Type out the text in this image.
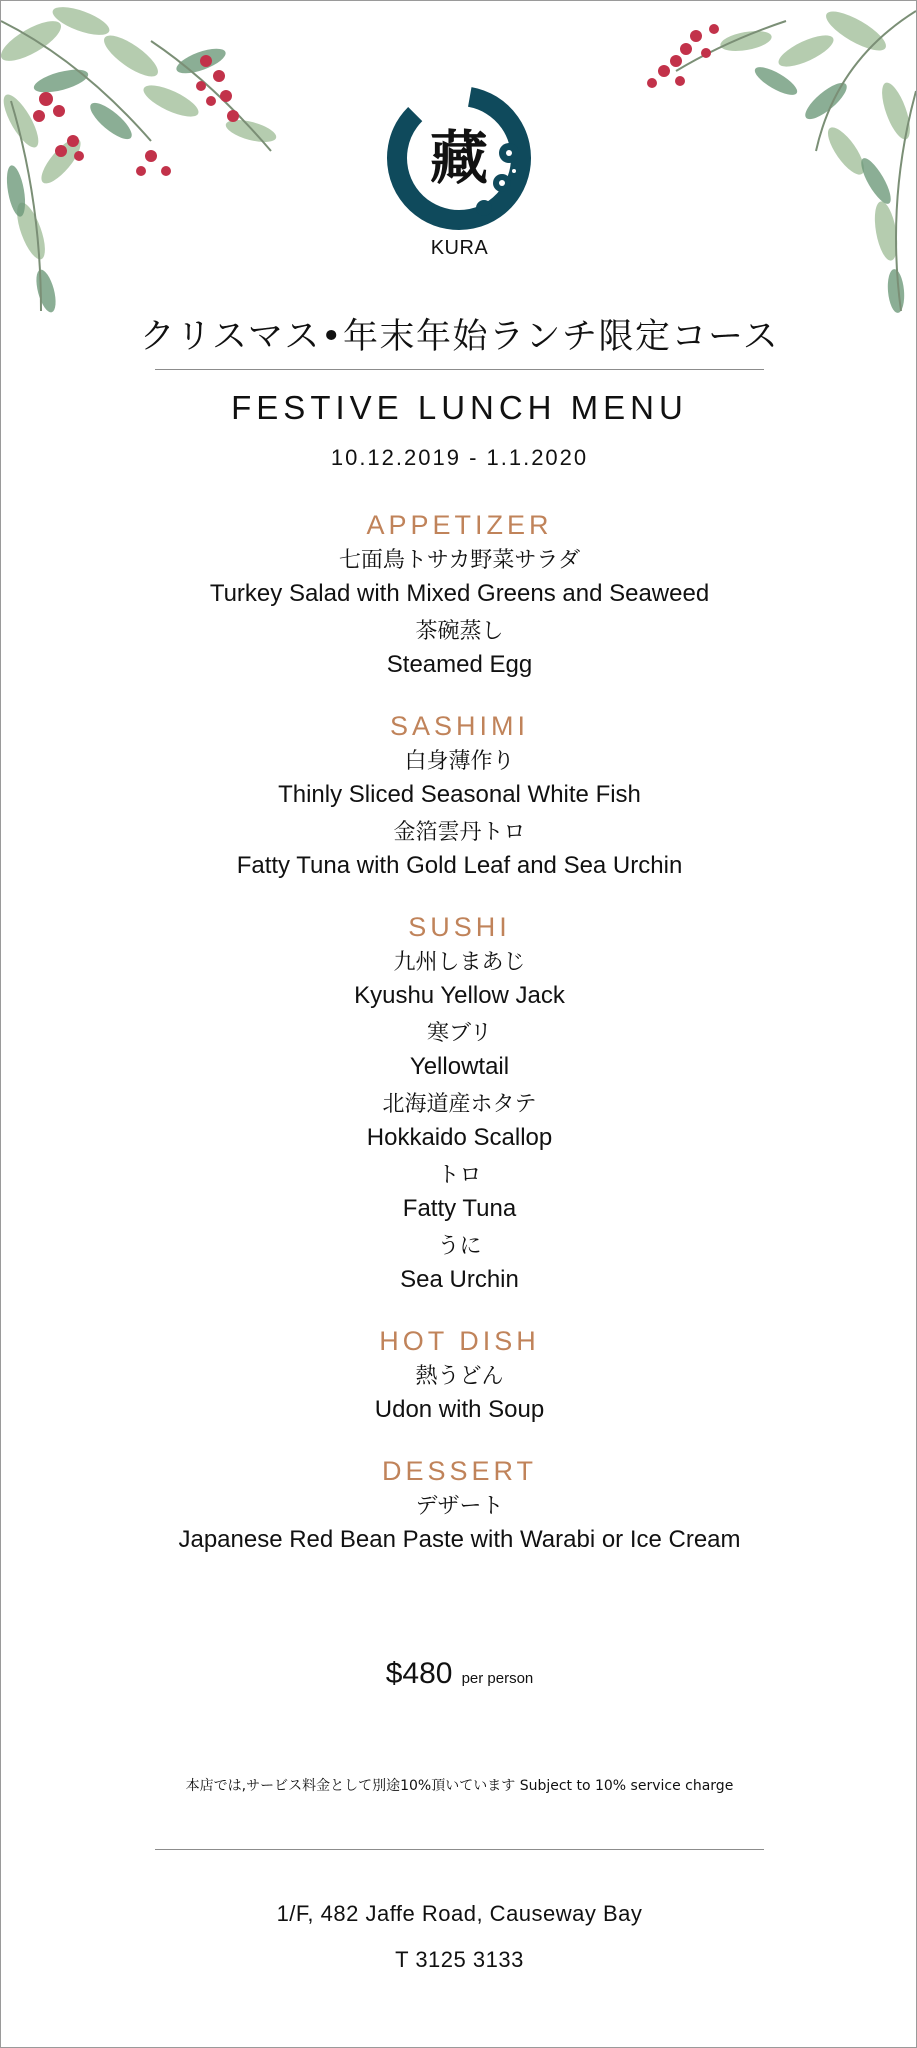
藏
KURA
クリスマス•年末年始ランチ限定コース
FESTIVE LUNCH MENU
10.12.2019 - 1.1.2020
APPETIZER
七面鳥トサカ野菜サラダ
Turkey Salad with Mixed Greens and Seaweed
茶碗蒸し
Steamed Egg
SASHIMI
白身薄作り
Thinly Sliced Seasonal White Fish
金箔雲丹トロ
Fatty Tuna with Gold Leaf and Sea Urchin
SUSHI
九州しまあじ
Kyushu Yellow Jack
寒ブリ
Yellowtail
北海道産ホタテ
Hokkaido Scallop
トロ
Fatty Tuna
うに
Sea Urchin
HOT DISH
熱うどん
Udon with Soup
DESSERT
デザート
Japanese Red Bean Paste with Warabi or Ice Cream
$480 per person
本店では,サービス料金として別途10%頂いています Subject to 10% service charge
1/F, 482 Jaffe Road, Causeway Bay
T 3125 3133
